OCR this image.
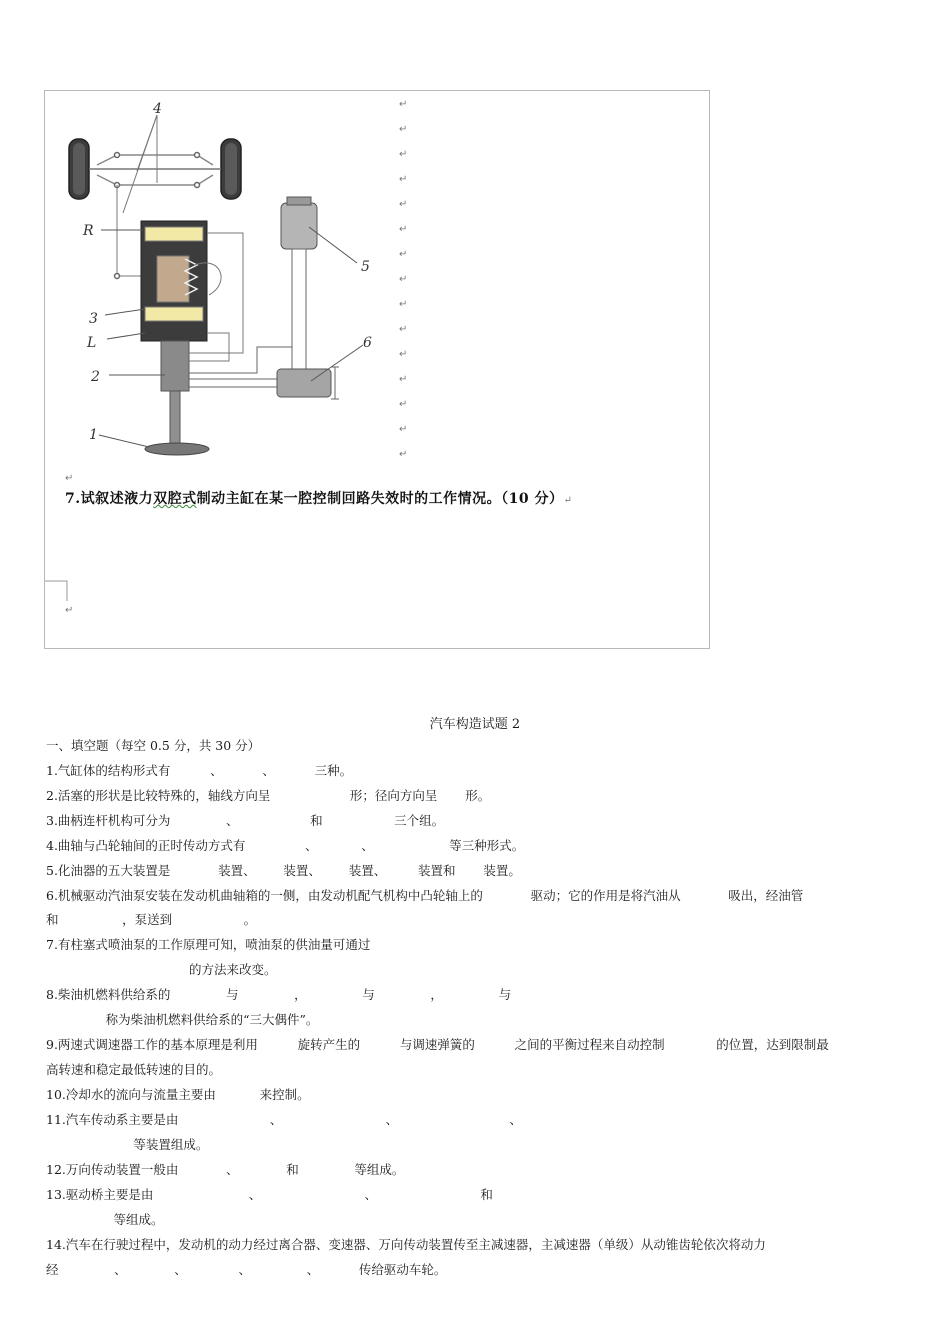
4
R
3
L
2
1
5
6
↵
↵
↵
↵
↵
↵
↵
↵
↵
↵
↵
↵
↵
↵
↵
↵
↵
7.试叙述液力双腔式制动主缸在某一腔控制回路失效时的工作情况。（10 分）↵
汽车构造试题 2
一、填空题（每空 0.5 分，共 30 分）
1.气缸体的结构形式有          、          、          三种。
2.活塞的形状是比较特殊的，轴线方向呈                    形；径向方向呈       形。
3.曲柄连杆机构可分为              、                  和                  三个组。
4.曲轴与凸轮轴间的正时传动方式有               、           、                   等三种形式。
5.化油器的五大装置是            装置、       装置、       装置、        装置和       装置。
6.机械驱动汽油泵安装在发动机曲轴箱的一侧，由发动机配气机构中凸轮轴上的            驱动；它的作用是将汽油从            吸出，经油管
和                ，泵送到                  。
7.有柱塞式喷油泵的工作原理可知，喷油泵的供油量可通过
的方法来改变。
8.柴油机燃料供给系的              与              ，              与              ，              与
称为柴油机燃料供给系的“三大偶件”。
9.两速式调速器工作的基本原理是利用          旋转产生的          与调速弹簧的          之间的平衡过程来自动控制             的位置，达到限制最
高转速和稳定最低转速的目的。
10.冷却水的流向与流量主要由           来控制。
11.汽车传动系主要是由                       、                          、                            、
等装置组成。
12.万向传动装置一般由            、            和              等组成。
13.驱动桥主要是由                        、                          、                          和
等组成。
14.汽车在行驶过程中，发动机的动力经过离合器、变速器、万向传动装置传至主减速器，主减速器（单级）从动锥齿轮依次将动力
经              、            、             、              、          传给驱动车轮。
